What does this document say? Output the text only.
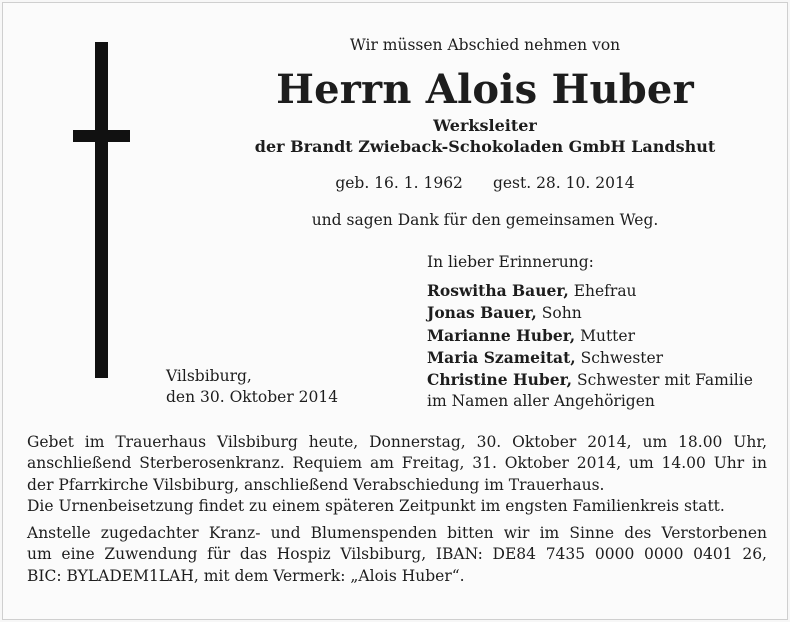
Wir müssen Abschied nehmen von
Herrn Alois Huber
Werksleiter
der Brandt Zwieback-Schokoladen GmbH Landshut
geb. 16. 1. 1962 gest. 28. 10. 2014
und sagen Dank für den gemeinsamen Weg.
In lieber Erinnerung:
Roswitha Bauer, Ehefrau
Jonas Bauer, Sohn
Marianne Huber, Mutter
Maria Szameitat, Schwester
Christine Huber, Schwester mit Familie
im Namen aller Angehörigen
Vilsbiburg,
den 30. Oktober 2014
Gebet im Trauerhaus Vilsbiburg heute, Donnerstag, 30. Oktober 2014, um 18.00 Uhr,
anschließend Sterberosenkranz. Requiem am Freitag, 31. Oktober 2014, um 14.00 Uhr in
der Pfarrkirche Vilsbiburg, anschließend Verabschiedung im Trauerhaus.
Die Urnenbeisetzung findet zu einem späteren Zeitpunkt im engsten Familienkreis statt.
Anstelle zugedachter Kranz- und Blumenspenden bitten wir im Sinne des Verstorbenen
um eine Zuwendung für das Hospiz Vilsbiburg, IBAN: DE84 7435 0000 0000 0401 26,
BIC: BYLADEM1LAH, mit dem Vermerk: „Alois Huber“.
